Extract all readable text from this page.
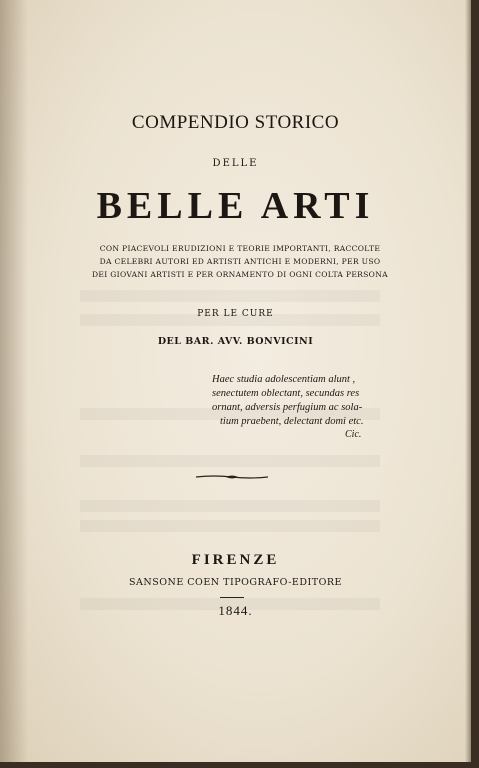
COMPENDIO STORICO
DELLE
BELLE ARTI
CON PIACEVOLI ERUDIZIONI E TEORIE IMPORTANTI, RACCOLTE
DA CELEBRI AUTORI ED ARTISTI ANTICHI E MODERNI, PER USO
DEI GIOVANI ARTISTI E PER ORNAMENTO DI OGNI COLTA PERSONA
PER LE CURE
DEL BAR. AVV. BONVICINI
Haec studia adolescentiam alunt ,
senectutem oblectant, secundas res
ornant, adversis perfugium ac sola-
tium praebent, delectant domi etc.
Cic.
FIRENZE
SANSONE COEN TIPOGRAFO-EDITORE
1844.
